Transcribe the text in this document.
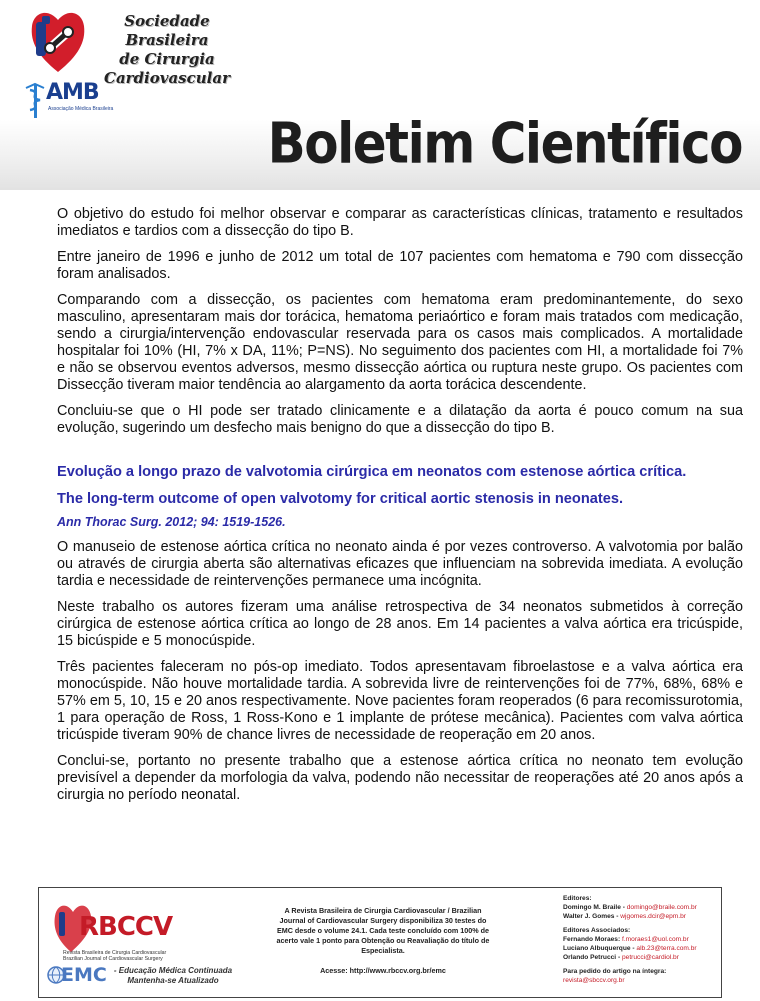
Sociedade Brasileira
de Cirurgia
Cardiovascular
AMB
Associação Médica Brasileira
Boletim Científico

O objetivo do estudo foi melhor observar e comparar as características clínicas, tratamento e resultados imediatos e tardios com a dissecção do tipo B.

Entre janeiro de 1996 e junho de 2012 um total de 107 pacientes com hematoma e 790 com dissecção foram analisados.

Comparando com a dissecção, os pacientes com hematoma eram predominantemente, do sexo masculino, apresentaram mais dor torácica, hematoma periaórtico e foram mais tratados com medicação, sendo a cirurgia/intervenção endovascular reservada para os casos mais complicados. A mortalidade hospitalar foi 10% (HI, 7% x DA, 11%; P=NS). No seguimento dos pacientes com HI, a mortalidade foi 7% e não se observou eventos adversos, mesmo dissecção aórtica ou ruptura neste grupo. Os pacientes com Dissecção tiveram maior tendência ao alargamento da aorta torácica descendente.

Concluiu-se que o HI pode ser tratado clinicamente e a dilatação da aorta é pouco comum na sua evolução, sugerindo um desfecho mais benigno do que a dissecção do tipo B.

Evolução a longo prazo de valvotomia cirúrgica em neonatos com estenose aórtica crítica.
The long-term outcome of open valvotomy for critical aortic stenosis in neonates.
Ann Thorac Surg. 2012; 94: 1519-1526.

O manuseio de estenose aórtica crítica no neonato ainda é por vezes controverso. A valvotomia por balão ou através de cirurgia aberta são alternativas eficazes que influenciam na sobrevida imediata. A evolução tardia e necessidade de reintervenções permanece uma incógnita.

Neste trabalho os autores fizeram uma análise retrospectiva de 34 neonatos submetidos à correção cirúrgica de estenose aórtica crítica ao longo de 28 anos. Em 14 pacientes a valva aórtica era tricúspide, 15 bicúspide e 5 monocúspide.

Três pacientes faleceram no pós-op imediato. Todos apresentavam fibroelastose e a valva aórtica era monocúspide. Não houve mortalidade tardia. A sobrevida livre de reintervenções foi de 77%, 68%, 68% e 57% em 5, 10, 15 e 20 anos respectivamente. Nove pacientes foram reoperados (6 para recomissurotomia, 1 para operação de Ross, 1 Ross-Kono e 1 implante de prótese mecânica). Pacientes com valva aórtica tricúspide tiveram 90% de chance livres de necessidade de reoperação em 20 anos.

Conclui-se, portanto no presente trabalho que a estenose aórtica crítica no neonato tem evolução previsível a depender da morfologia da valva, podendo não necessitar de reoperações até 20 anos após a cirurgia no período neonatal.

RBCCV
Revista Brasileira de Cirurgia Cardiovascular
Brazilian Journal of Cardiovascular Surgery
EMC - Educação Médica Continuada
Mantenha-se Atualizado
A Revista Brasileira de Cirurgia Cardiovascular / Brazilian Journal of Cardiovascular Surgery disponibiliza 30 testes do EMC desde o volume 24.1. Cada teste concluído com 100% de acerto vale 1 ponto para Obtenção ou Reavaliação do título de Especialista.
Acesse: http://www.rbccv.org.br/emc
Editores:
Domingo M. Braile - domingo@braile.com.br
Walter J. Gomes - wjgomes.dcir@epm.br
Editores Associados:
Fernando Moraes: f.moraes1@uol.com.br
Luciano Albuquerque - alb.23@terra.com.br
Orlando Petrucci - petrucci@cardiol.br
Para pedido do artigo na íntegra:
revista@sbccv.org.br
